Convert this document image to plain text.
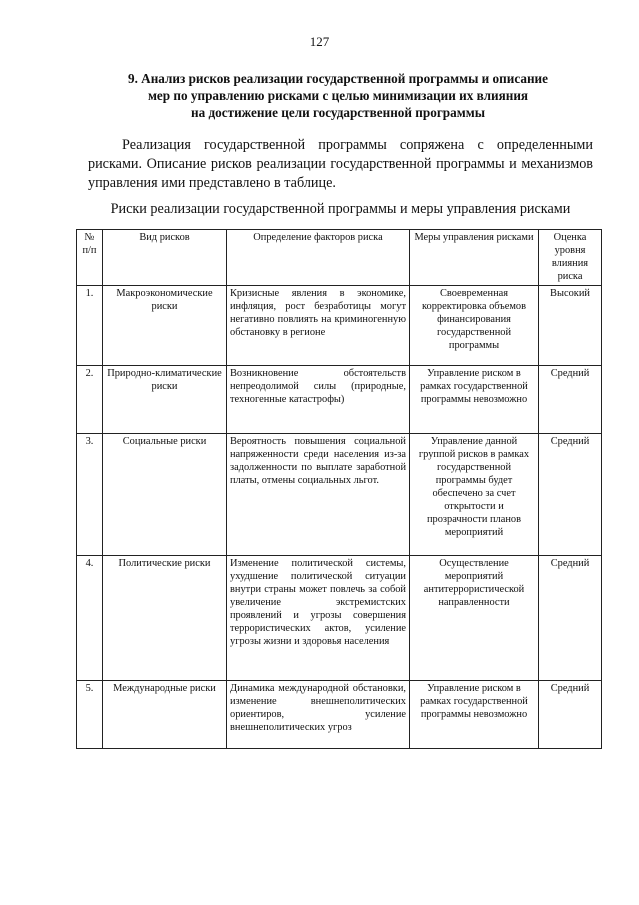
127
9. Анализ рисков реализации государственной программы и описание
мер по управлению рисками с целью минимизации их влияния
на достижение цели государственной программы

Реализация государственной программы сопряжена с определенными рисками. Описание рисков реализации государственной программы и механизмов управления ими представлено в таблице.

Риски реализации государственной программы и меры управления рисками
№ п/п	Вид рисков	Определение факторов риска	Меры управления рисками	Оценка уровня влияния риска
1.	Макроэкономические риски	Кризисные явления в экономике, инфляция, рост безработицы могут негативно повлиять на криминогенную обстановку в регионе	Своевременная корректировка объемов финансирования государственной программы	Высокий
2.	Природно-климатические риски	Возникновение обстоятельств непреодолимой силы (природные, техногенные катастрофы)	Управление риском в рамках государственной программы невозможно	Средний
3.	Социальные риски	Вероятность повышения социальной напряженности среди населения из-за задолженности по выплате заработной платы, отмены социальных льгот.	Управление данной группой рисков в рамках государственной программы будет обеспечено за счет открытости и прозрачности планов мероприятий	Средний
4.	Политические риски	Изменение политической системы, ухудшение политической ситуации внутри страны может повлечь за собой увеличение экстремистских проявлений и угрозы совершения террористических актов, усиление угрозы жизни и здоровья населения	Осуществление мероприятий антитеррористической направленности	Средний
5.	Международные риски	Динамика международной обстановки, изменение внешнеполитических ориентиров, усиление внешнеполитических угроз	Управление риском в рамках государственной программы невозможно	Средний
